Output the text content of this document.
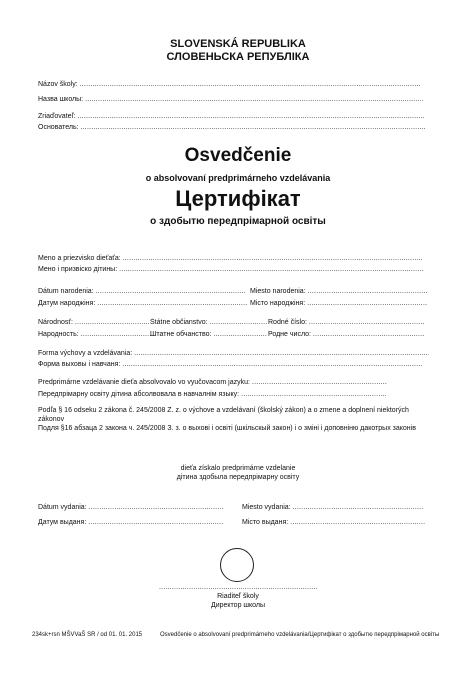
SLOVENSKÁ REPUBLIKA
СЛОВЕНЬСКА РЕПУБЛІКА
Názov školy: .....
Назва школы: .....
Zriaďovateľ: .....
Основатель: .....
Osvedčenie
o absolvovaní predprimárneho vzdelávania
Цертифікат
о здобытю передпрімарной освіты
Meno a priezvisko dieťaťa: .....
Мено і призвіско дітины: .....
Dátum narodenia: .....	Miesto narodenia: .....
Датум народжіня: .....	Місто народжіня: .....
Národnosť: .....	Štátne občianstvo: .....	Rodné číslo: .....
Народность: .....	Штатне обчанство: .....	Родне число: .....
Forma výchovy a vzdelávania: .....
Форма выховы і навчаня: .....
Predprimárne vzdelávanie dieťa absolvovalo vo vyučovacom jazyku: .....
Передпрімарну освіту дітина абсолвовала в навчалнім языку: .....
Podľa § 16 odseku 2 zákona č. 245/2008 Z. z. o výchove a vzdelávaní (školský zákon) a o zmene a doplnení niektorých zákonov
Подля §16 абзаца 2 закона ч. 245/2008 З. з. о выхові і освіті (шкільскый закон) і о зміні і доповніню дакотрых законів
dieťa získalo predprimárne vzdelanie
дітина здобыла передпрімарну освіту
Dátum vydania: .....	Miesto vydania: .....
Датум выданя: .....	Місто выданя: .....
.....
Riaditeľ školy
Директор школы
234sk+rsn MŠVVaŠ SR / od 01. 01. 2015	Osvedčenie o absolvovaní predprimárneho vzdelávania/Цертифікат о здобытю передпрімарной освіты
